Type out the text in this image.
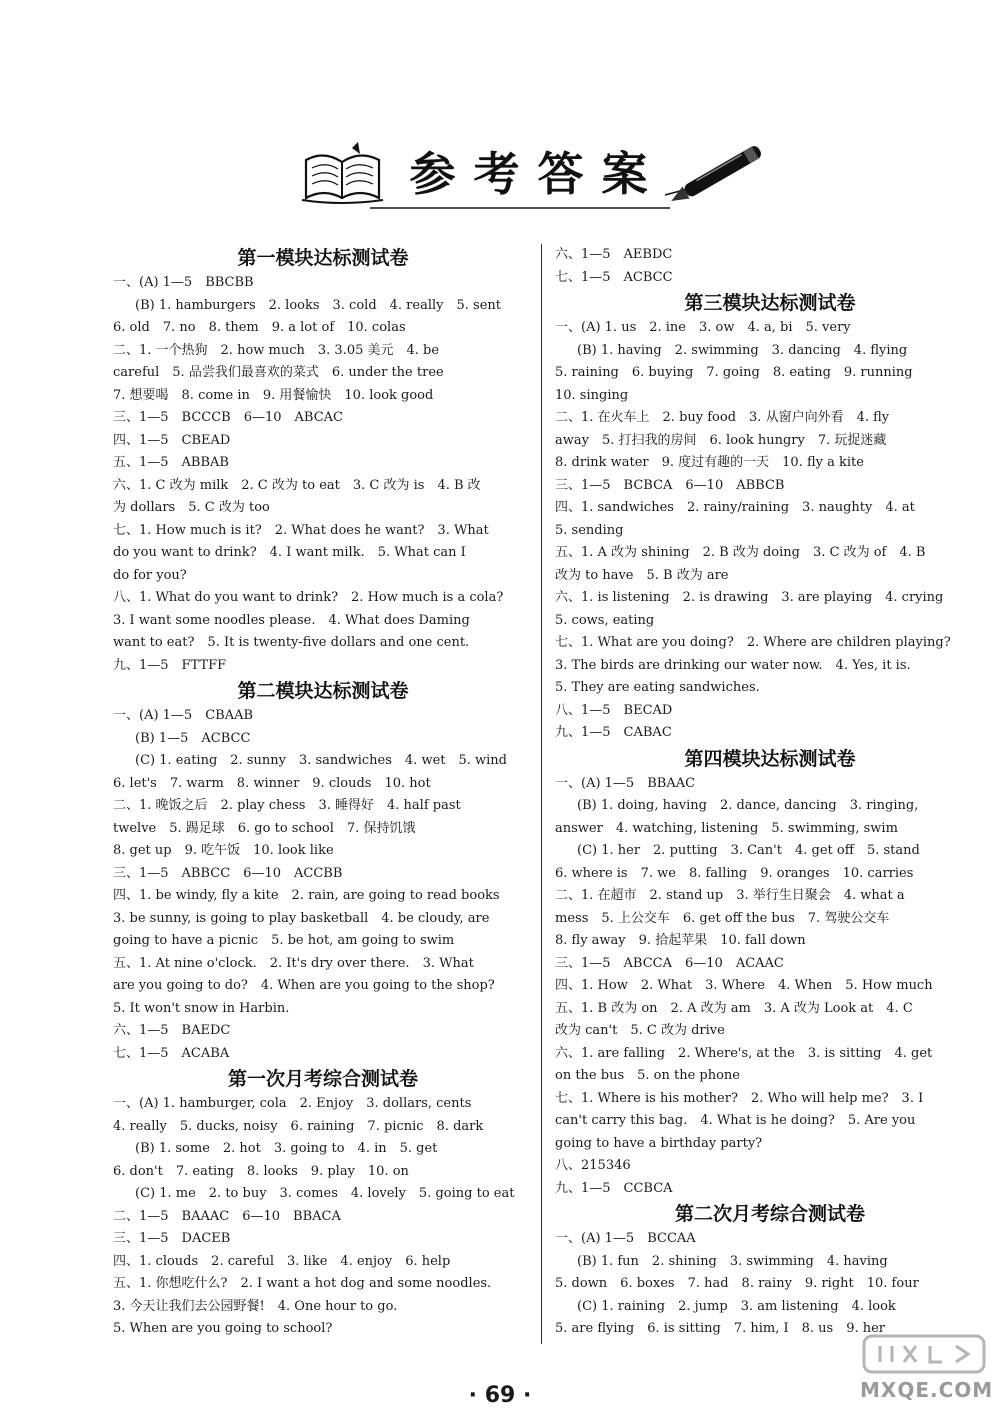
参考答案
第一模块达标测试卷
一、(A) 1—5　BBCBB
(B) 1. hamburgers　2. looks　3. cold　4. really　5. sent
6. old　7. no　8. them　9. a lot of　10. colas
二、1. 一个热狗　2. how much　3. 3.05 美元　4. be
careful　5. 品尝我们最喜欢的菜式　6. under the tree
7. 想要喝　8. come in　9. 用餐愉快　10. look good
三、1—5　BCCCB　6—10　ABCAC
四、1—5　CBEAD
五、1—5　ABBAB
六、1. C 改为 milk　2. C 改为 to eat　3. C 改为 is　4. B 改
为 dollars　5. C 改为 too
七、1. How much is it?　2. What does he want?　3. What
do you want to drink?　4. I want milk.　5. What can I
do for you?
八、1. What do you want to drink?　2. How much is a cola?
3. I want some noodles please.　4. What does Daming
want to eat?　5. It is twenty-five dollars and one cent.
九、1—5　FTTFF
第二模块达标测试卷
一、(A) 1—5　CBAAB
(B) 1—5　ACBCC
(C) 1. eating　2. sunny　3. sandwiches　4. wet　5. wind
6. let's　7. warm　8. winner　9. clouds　10. hot
二、1. 晚饭之后　2. play chess　3. 睡得好　4. half past
twelve　5. 踢足球　6. go to school　7. 保持饥饿
8. get up　9. 吃午饭　10. look like
三、1—5　ABBCC　6—10　ACCBB
四、1. be windy, fly a kite　2. rain, are going to read books
3. be sunny, is going to play basketball　4. be cloudy, are
going to have a picnic　5. be hot, am going to swim
五、1. At nine o'clock.　2. It's dry over there.　3. What
are you going to do?　4. When are you going to the shop?
5. It won't snow in Harbin.
六、1—5　BAEDC
七、1—5　ACABA
第一次月考综合测试卷
一、(A) 1. hamburger, cola　2. Enjoy　3. dollars, cents
4. really　5. ducks, noisy　6. raining　7. picnic　8. dark
(B) 1. some　2. hot　3. going to　4. in　5. get
6. don't　7. eating　8. looks　9. play　10. on
(C) 1. me　2. to buy　3. comes　4. lovely　5. going to eat
二、1—5　BAAAC　6—10　BBACA
三、1—5　DACEB
四、1. clouds　2. careful　3. like　4. enjoy　6. help
五、1. 你想吃什么?　2. I want a hot dog and some noodles.
3. 今天让我们去公园野餐!　4. One hour to go.
5. When are you going to school?
六、1—5　AEBDC
七、1—5　ACBCC
第三模块达标测试卷
一、(A) 1. us　2. ine　3. ow　4. a, bi　5. very
(B) 1. having　2. swimming　3. dancing　4. flying
5. raining　6. buying　7. going　8. eating　9. running
10. singing
二、1. 在火车上　2. buy food　3. 从窗户向外看　4. fly
away　5. 打扫我的房间　6. look hungry　7. 玩捉迷藏
8. drink water　9. 度过有趣的一天　10. fly a kite
三、1—5　BCBCA　6—10　ABBCB
四、1. sandwiches　2. rainy/raining　3. naughty　4. at
5. sending
五、1. A 改为 shining　2. B 改为 doing　3. C 改为 of　4. B
改为 to have　5. B 改为 are
六、1. is listening　2. is drawing　3. are playing　4. crying
5. cows, eating
七、1. What are you doing?　2. Where are children playing?
3. The birds are drinking our water now.　4. Yes, it is.
5. They are eating sandwiches.
八、1—5　BECAD
九、1—5　CABAC
第四模块达标测试卷
一、(A) 1—5　BBAAC
(B) 1. doing, having　2. dance, dancing　3. ringing,
answer　4. watching, listening　5. swimming, swim
(C) 1. her　2. putting　3. Can't　4. get off　5. stand
6. where is　7. we　8. falling　9. oranges　10. carries
二、1. 在超市　2. stand up　3. 举行生日聚会　4. what a
mess　5. 上公交车　6. get off the bus　7. 驾驶公交车
8. fly away　9. 拾起苹果　10. fall down
三、1—5　ABCCA　6—10　ACAAC
四、1. How　2. What　3. Where　4. When　5. How much
五、1. B 改为 on　2. A 改为 am　3. A 改为 Look at　4. C
改为 can't　5. C 改为 drive
六、1. are falling　2. Where's, at the　3. is sitting　4. get
on the bus　5. on the phone
七、1. Where is his mother?　2. Who will help me?　3. I
can't carry this bag.　4. What is he doing?　5. Are you
going to have a birthday party?
八、215346
九、1—5　CCBCA
第二次月考综合测试卷
一、(A) 1—5　BCCAA
(B) 1. fun　2. shining　3. swimming　4. having
5. down　6. boxes　7. had　8. rainy　9. right　10. four
(C) 1. raining　2. jump　3. am listening　4. look
5. are flying　6. is sitting　7. him, I　8. us　9. her
· 69 ·	MXQE.COM
